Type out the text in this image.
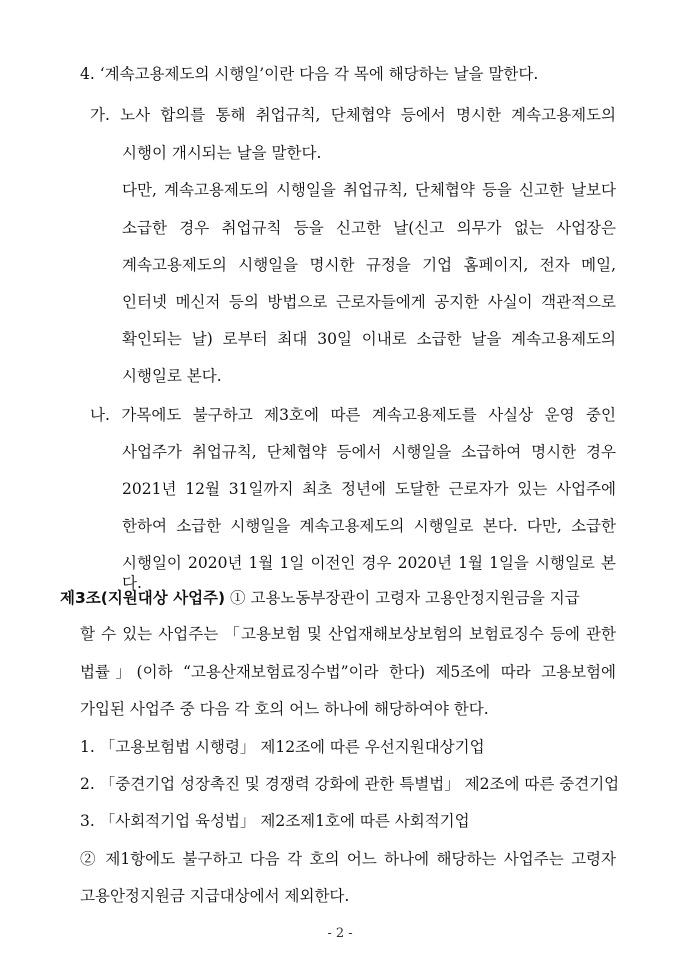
4. ‘계속고용제도의 시행일’이란 다음 각 목에 해당하는 날을 말한다.
가. 노사 합의를 통해 취업규칙, 단체협약 등에서 명시한 계속고용제도의
시행이 개시되는 날을 말한다.
다만, 계속고용제도의 시행일을 취업규칙, 단체협약 등을 신고한 날보다
소급한 경우 취업규칙 등을 신고한 날(신고 의무가 없는 사업장은
계속고용제도의 시행일을 명시한 규정을 기업 홈페이지, 전자 메일,
인터넷 메신저 등의 방법으로 근로자들에게 공지한 사실이 객관적으로
확인되는 날) 로부터 최대 30일 이내로 소급한 날을 계속고용제도의
시행일로 본다.
나. 가목에도 불구하고 제3호에 따른 계속고용제도를 사실상 운영 중인
사업주가 취업규칙, 단체협약 등에서 시행일을 소급하여 명시한 경우
2021년 12월 31일까지 최초 정년에 도달한 근로자가 있는 사업주에
한하여 소급한 시행일을 계속고용제도의 시행일로 본다. 다만, 소급한
시행일이 2020년 1월 1일 이전인 경우 2020년 1월 1일을 시행일로 본다.
제3조(지원대상 사업주) ① 고용노동부장관이 고령자 고용안정지원금을 지급
할 수 있는 사업주는 「고용보험 및 산업재해보상보험의 보험료징수 등에 관한
법률」(이하 “고용산재보험료징수법”이라 한다) 제5조에 따라 고용보험에
가입된 사업주 중 다음 각 호의 어느 하나에 해당하여야 한다.
1. 「고용보험법 시행령」 제12조에 따른 우선지원대상기업
2. 「중견기업 성장촉진 및 경쟁력 강화에 관한 특별법」 제2조에 따른 중견기업
3. 「사회적기업 육성법」 제2조제1호에 따른 사회적기업
② 제1항에도 불구하고 다음 각 호의 어느 하나에 해당하는 사업주는 고령자
고용안정지원금 지급대상에서 제외한다.
- 2 -
